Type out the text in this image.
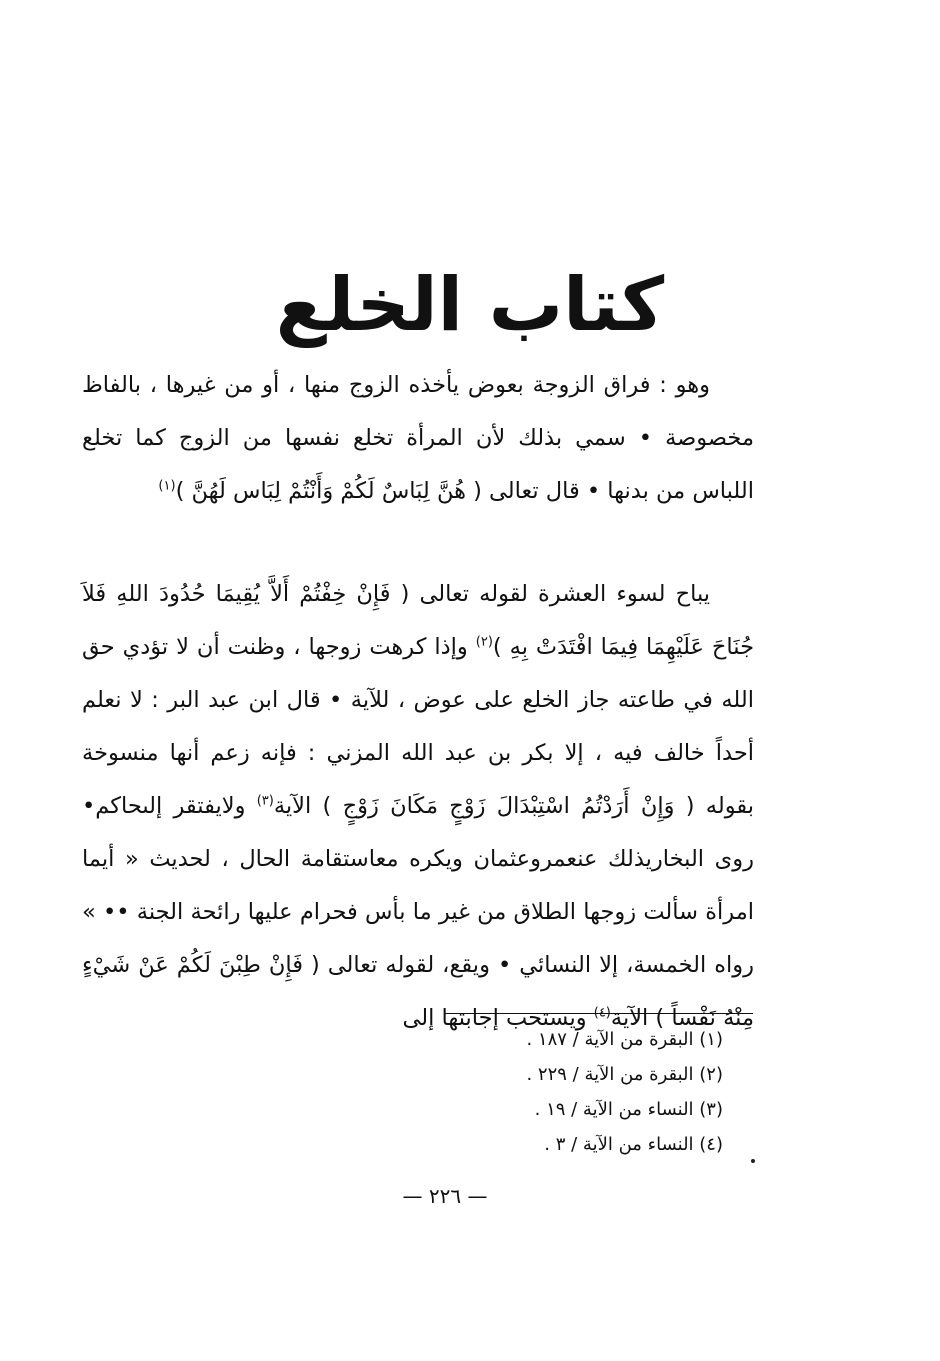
كتاب الخلع

وهو : فراق الزوجة بعوض يأخذه الزوج منها ، أو من غيرها ، بالفاظ مخصوصة • سمي بذلك لأن المرأة تخلع نفسها من الزوج كما تخلع اللباس من بدنها • قال تعالى ( هُنَّ لِبَاسٌ لَكُمْ وَأَنْتُمْ لِبَاس لَهُنَّ )$^{(١)}$

يباح لسوء العشرة لقوله تعالى ( فَإِنْ خِفْتُمْ أَلاَّ يُقِيمَا حُدُودَ اللهِ فَلاَ جُنَاحَ عَلَيْهِمَا فِيمَا افْتَدَتْ بِهِ )$^{(٢)}$ وإذا كرهت زوجها ، وظنت أن لا تؤدي حق الله في طاعته جاز الخلع على عوض ، للآية • قال ابن عبد البر : لا نعلم أحداً خالف فيه ، إلا بكر بن عبد الله المزني : فإنه زعم أنها منسوخة بقوله ( وَإِنْ أَرَدْتُمُ اسْتِبْدَالَ زَوْجٍ مَكَانَ زَوْجٍ ) الآية$^{(٣)}$ ولايفتقر إلىحاكم• روى البخاريذلك عنعمروعثمان ويكره معاستقامة الحال ، لحديث « أيما امرأة سألت زوجها الطلاق من غير ما بأس فحرام عليها رائحة الجنة •• » رواه الخمسة، إلا النسائي • ويقع، لقوله تعالى ( فَإِنْ طِبْنَ لَكُمْ عَنْ شَيْءٍ مِنْهُ نَفْساً ) الآية$^{(٤)}$ ويستحب إجابتها إلى

(١) البقرة من الآية / ١٨٧ .
(٢) البقرة من الآية / ٢٢٩ .
(٣) النساء من الآية / ١٩ .
(٤) النساء من الآية / ٣ .
— ٢٢٦ —
